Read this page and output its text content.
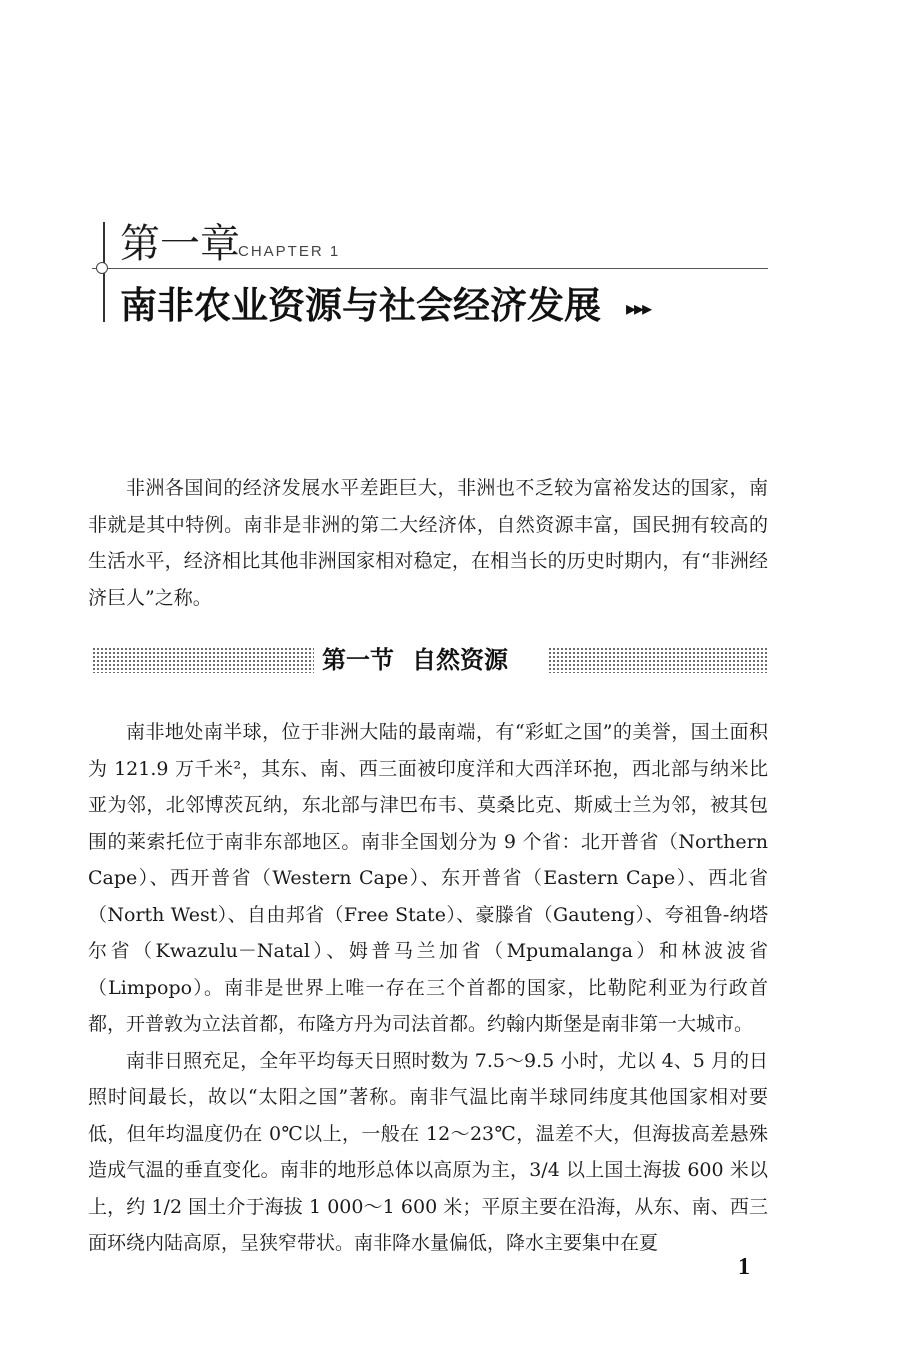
第一章
CHAPTER 1
南非农业资源与社会经济发展 ▸▸▸

非洲各国间的经济发展水平差距巨大，非洲也不乏较为富裕发达的国家，南非就是其中特例。南非是非洲的第二大经济体，自然资源丰富，国民拥有较高的生活水平，经济相比其他非洲国家相对稳定，在相当长的历史时期内，有“非洲经济巨人”之称。

第一节 自然资源

南非地处南半球，位于非洲大陆的最南端，有“彩虹之国”的美誉，国土面积为 121.9 万千米²，其东、南、西三面被印度洋和大西洋环抱，西北部与纳米比亚为邻，北邻博茨瓦纳，东北部与津巴布韦、莫桑比克、斯威士兰为邻，被其包围的莱索托位于南非东部地区。南非全国划分为 9 个省：北开普省（Northern Cape）、西开普省（Western Cape）、东开普省（Eastern Cape）、西北省（North West）、自由邦省（Free State）、豪滕省（Gauteng）、夸祖鲁-纳塔尔省（Kwazulu－Natal）、姆普马兰加省（Mpumalanga）和林波波省（Limpopo）。南非是世界上唯一存在三个首都的国家，比勒陀利亚为行政首都，开普敦为立法首都，布隆方丹为司法首都。约翰内斯堡是南非第一大城市。

南非日照充足，全年平均每天日照时数为 7.5～9.5 小时，尤以 4、5 月的日照时间最长，故以“太阳之国”著称。南非气温比南半球同纬度其他国家相对要低，但年均温度仍在 0℃以上，一般在 12～23℃，温差不大，但海拔高差悬殊造成气温的垂直变化。南非的地形总体以高原为主，3/4 以上国土海拔 600 米以上，约 1/2 国土介于海拔 1 000～1 600 米；平原主要在沿海，从东、南、西三面环绕内陆高原，呈狭窄带状。南非降水量偏低，降水主要集中在夏

1
